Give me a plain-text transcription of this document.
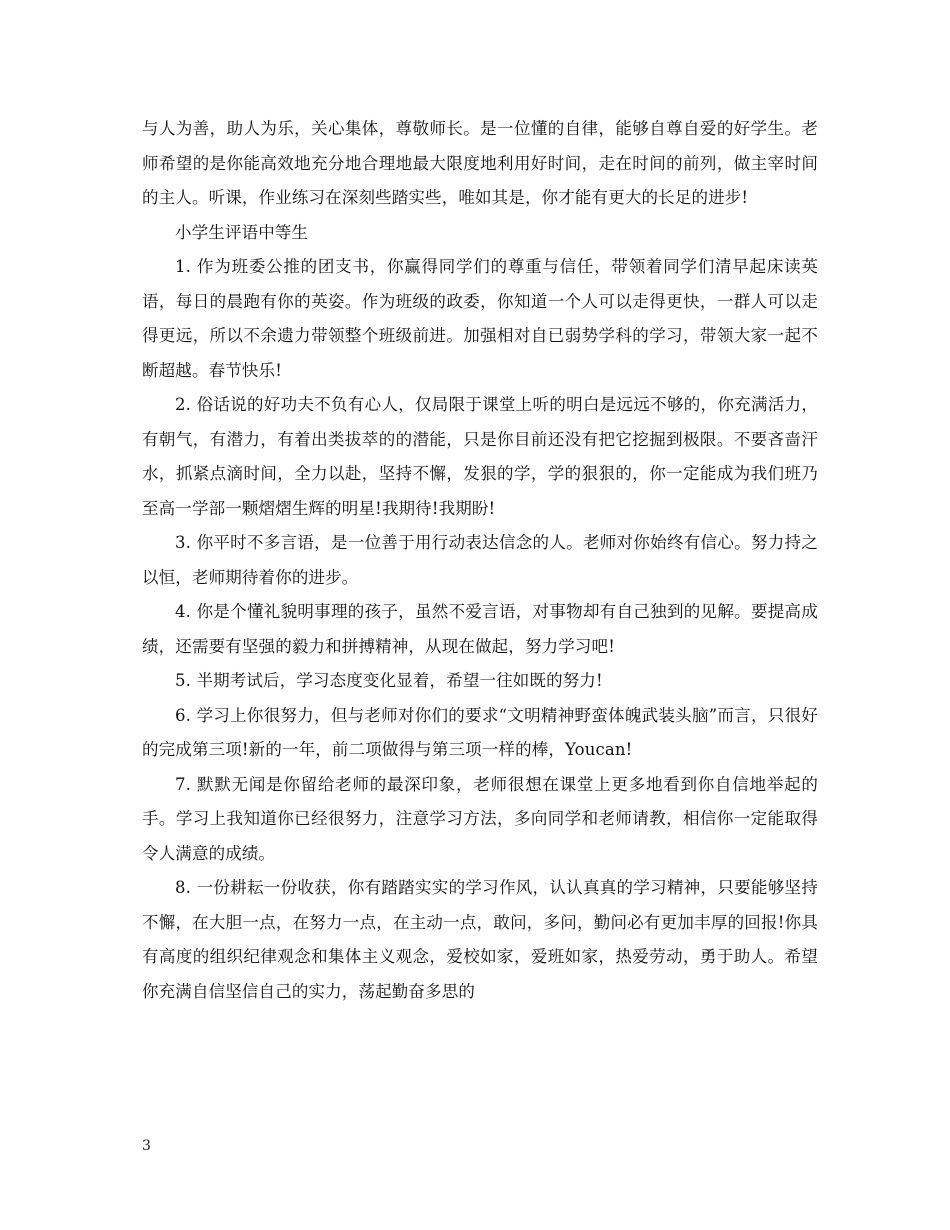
与人为善，助人为乐，关心集体，尊敬师长。是一位懂的自律，能够自尊自爱的好学生。老师希望的是你能高效地充分地合理地最大限度地利用好时间，走在时间的前列，做主宰时间的主人。听课，作业练习在深刻些踏实些，唯如其是，你才能有更大的长足的进步!

小学生评语中等生

1. 作为班委公推的团支书，你赢得同学们的尊重与信任，带领着同学们清早起床读英语，每日的晨跑有你的英姿。作为班级的政委，你知道一个人可以走得更快，一群人可以走得更远，所以不余遗力带领整个班级前进。加强相对自已弱势学科的学习，带领大家一起不断超越。春节快乐!

2. 俗话说的好功夫不负有心人，仅局限于课堂上听的明白是远远不够的，你充满活力，有朝气，有潜力，有着出类拔萃的的潜能，只是你目前还没有把它挖掘到极限。不要吝啬汗水，抓紧点滴时间，全力以赴，坚持不懈，发狠的学，学的狠狠的，你一定能成为我们班乃至高一学部一颗熠熠生辉的明星!我期待!我期盼!

3. 你平时不多言语，是一位善于用行动表达信念的人。老师对你始终有信心。努力持之以恒，老师期待着你的进步。

4. 你是个懂礼貌明事理的孩子，虽然不爱言语，对事物却有自己独到的见解。要提高成绩，还需要有坚强的毅力和拼搏精神，从现在做起，努力学习吧!

5. 半期考试后，学习态度变化显着，希望一往如既的努力!

6. 学习上你很努力，但与老师对你们的要求“文明精神野蛮体魄武装头脑”而言，只很好的完成第三项!新的一年，前二项做得与第三项一样的棒，Youcan!

7. 默默无闻是你留给老师的最深印象，老师很想在课堂上更多地看到你自信地举起的手。学习上我知道你已经很努力，注意学习方法，多向同学和老师请教，相信你一定能取得令人满意的成绩。

8. 一份耕耘一份收获，你有踏踏实实的学习作风，认认真真的学习精神，只要能够坚持不懈，在大胆一点，在努力一点，在主动一点，敢问，多问，勤问必有更加丰厚的回报!你具有高度的组织纪律观念和集体主义观念，爱校如家，爱班如家，热爱劳动，勇于助人。希望你充满自信坚信自己的实力，荡起勤奋多思的

3
